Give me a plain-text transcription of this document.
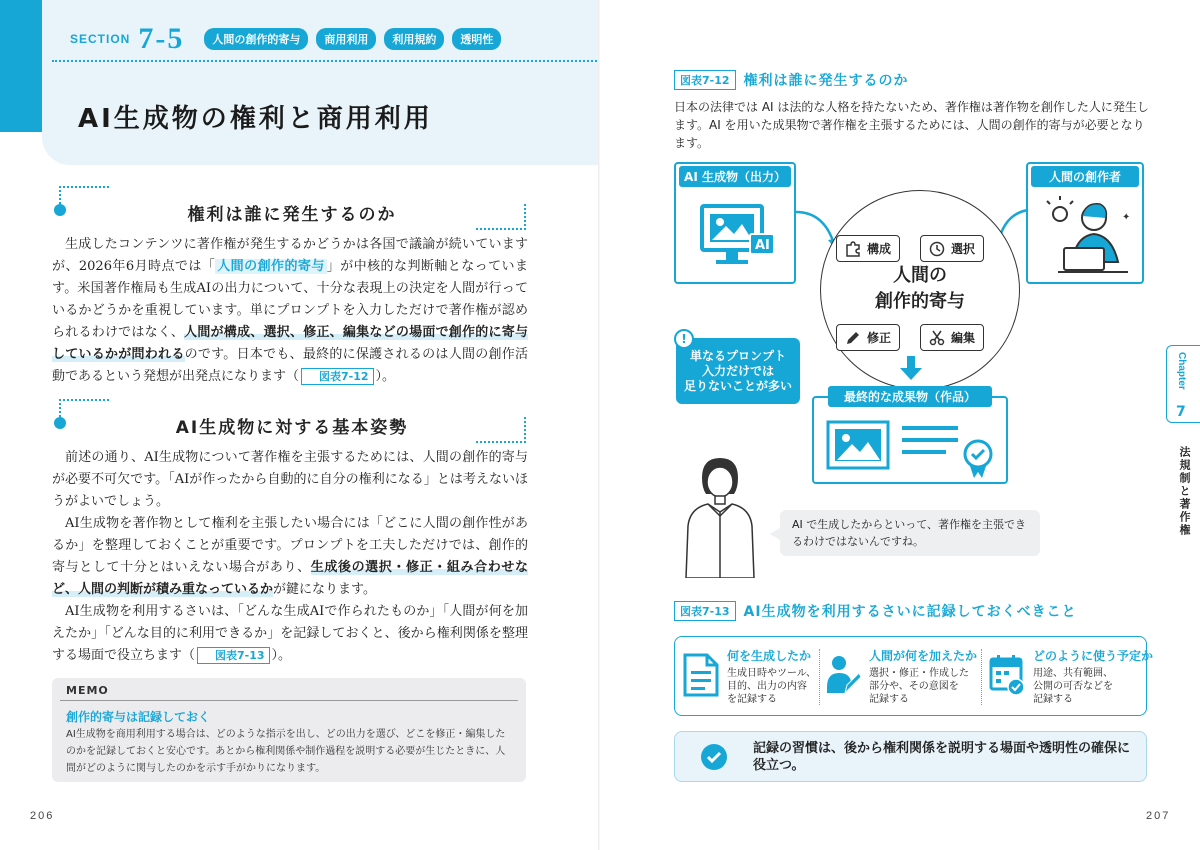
SECTION 7-5	人間の創作的寄与	商用利用	利用規約	透明性
AI生成物の権利と商用利用
権利は誰に発生するのか

生成したコンテンツに著作権が発生するかどうかは各国で議論が続いていますが、2026年6月時点では「 人間の創作的寄与 」が中核的な判断軸となっています。米国著作権局も生成AIの出力について、十分な表現上の決定を人間が行っているかどうかを重視しています。単にプロンプトを入力しただけで著作権が認められるわけではなく、人間が構成、選択、修正、編集などの場面で創作的に寄与しているかが問われるのです。日本でも、最終的に保護されるのは人間の創作活動であるという発想が出発点になります（ 図表7-12 ）。

AI生成物に対する基本姿勢

前述の通り、AI生成物について著作権を主張するためには、人間の創作的寄与が必要不可欠です。「AIが作ったから自動的に自分の権利になる」とは考えないほうがよいでしょう。

AI生成物を著作物として権利を主張したい場合には「どこに人間の創作性があるか」を整理しておくことが重要です。プロンプトを工夫しただけでは、創作的寄与として十分とはいえない場合があり、生成後の選択・修正・組み合わせなど、人間の判断が積み重なっているかが鍵になります。

AI生成物を利用するさいは、「どんな生成AIで作られたものか」「人間が何を加えたか」「どんな目的に利用できるか」を記録しておくと、後から権利関係を整理する場面で役立ちます（ 図表7-13 ）。

MEMO
創作的寄与は記録しておく
AI生成物を商用利用する場合は、どのような指示を出し、どの出力を選び、どこを修正・編集したのかを記録しておくと安心です。あとから権利関係や制作過程を説明する必要が生じたときに、人間がどのように関与したのかを示す手がかりになります。
206
図表7-12	権利は誰に発生するのか
日本の法律では AI は法的な人格を持たないため、著作権は著作物を創作した人に発生します。AI を用いた成果物で著作権を主張するためには、人間の創作的寄与が必要となります。
AI 生成物（出力）
AI
人間の創作者
✦
人間の
創作的寄与
構成	選択
修正	編集
単なるプロンプト
入力だけでは
足りないことが多い
!
最終的な成果物（作品）
AI で生成したからといって、著作権を主張できるわけではないんですね。
図表7-13	AI生成物を利用するさいに記録しておくべきこと
何を生成したか
生成日時やツール、
目的、出力の内容
を記録する
人間が何を加えたか
選択・修正・作成した
部分や、その意図を
記録する
どのように使う予定か
用途、共有範囲、
公開の可否などを
記録する
記録の習慣は、後から権利関係を説明する場面や透明性の確保に役立つ。
Chapter
7
法規制と著作権
207
